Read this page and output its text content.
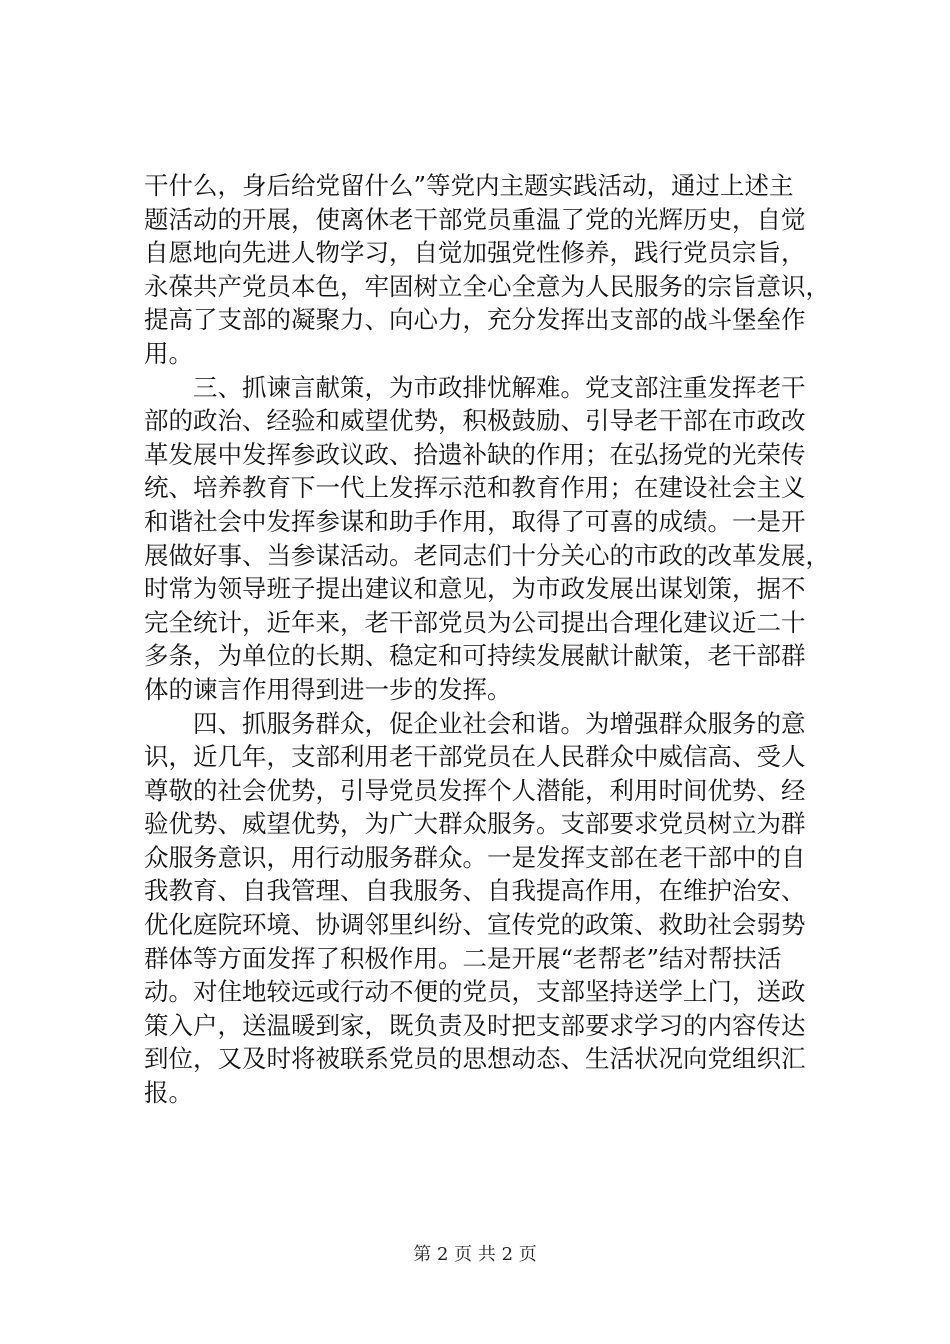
干什么，身后给党留什么”等党内主题实践活动，通过上述主
题活动的开展，使离休老干部党员重温了党的光辉历史，自觉
自愿地向先进人物学习，自觉加强党性修养，践行党员宗旨，
永葆共产党员本色，牢固树立全心全意为人民服务的宗旨意识，
提高了支部的凝聚力、向心力，充分发挥出支部的战斗堡垒作
用。
三、抓谏言献策，为市政排忧解难。党支部注重发挥老干
部的政治、经验和威望优势，积极鼓励、引导老干部在市政改
革发展中发挥参政议政、拾遗补缺的作用；在弘扬党的光荣传
统、培养教育下一代上发挥示范和教育作用；在建设社会主义
和谐社会中发挥参谋和助手作用，取得了可喜的成绩。一是开
展做好事、当参谋活动。老同志们十分关心的市政的改革发展，
时常为领导班子提出建议和意见，为市政发展出谋划策，据不
完全统计，近年来，老干部党员为公司提出合理化建议近二十
多条，为单位的长期、稳定和可持续发展献计献策，老干部群
体的谏言作用得到进一步的发挥。
四、抓服务群众，促企业社会和谐。为增强群众服务的意
识，近几年，支部利用老干部党员在人民群众中威信高、受人
尊敬的社会优势，引导党员发挥个人潜能，利用时间优势、经
验优势、威望优势，为广大群众服务。支部要求党员树立为群
众服务意识，用行动服务群众。一是发挥支部在老干部中的自
我教育、自我管理、自我服务、自我提高作用，在维护治安、
优化庭院环境、协调邻里纠纷、宣传党的政策、救助社会弱势
群体等方面发挥了积极作用。二是开展“老帮老”结对帮扶活
动。对住地较远或行动不便的党员，支部坚持送学上门，送政
策入户，送温暖到家，既负责及时把支部要求学习的内容传达
到位，又及时将被联系党员的思想动态、生活状况向党组织汇
报。
第 2 页 共 2 页
